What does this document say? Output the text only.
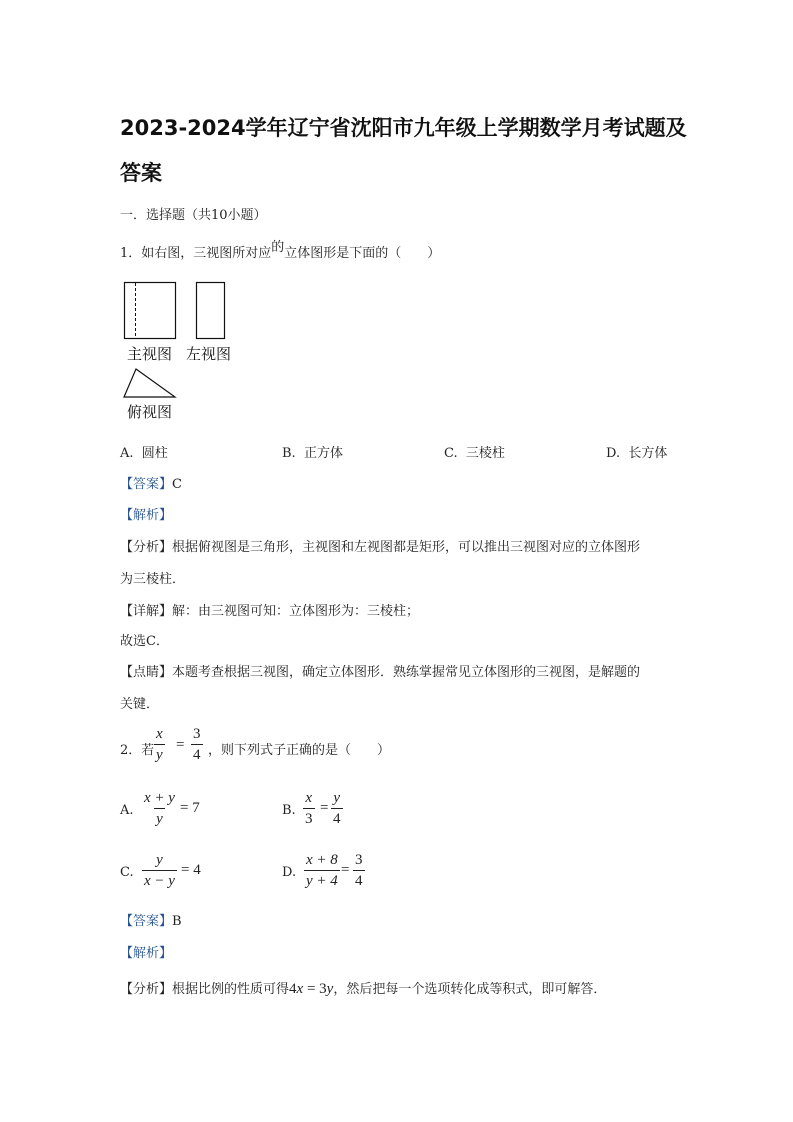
2023-2024学年辽宁省沈阳市九年级上学期数学月考试题及
答案
一．选择题（共10小题）
1．如右图，三视图所对应的立体图形是下面的（　　）
主视图 左视图
俯视图
A. 圆柱	B. 正方体	C. 三棱柱	D. 长方体
【答案】C
【解析】
【分析】根据俯视图是三角形，主视图和左视图都是矩形，可以推出三视图对应的立体图形
为三棱柱．
【详解】解：由三视图可知：立体图形为：三棱柱；
故选C．
【点睛】本题考查根据三视图，确定立体图形．熟练掌握常见立体图形的三视图，是解题的
关键．
2．若 $\frac{x}{y} = \frac{3}{4}$ ，则下列式子正确的是（　　）
A. $\frac{x + y}{y} = 7$	B. $\frac{x}{3} = \frac{y}{4}$
C. $\frac{y}{x - y} = 4$	D. $\frac{x + 8}{y + 4} = \frac{3}{4}$
【答案】B
【解析】
【分析】根据比例的性质可得4x = 3y，然后把每一个选项转化成等积式，即可解答．
